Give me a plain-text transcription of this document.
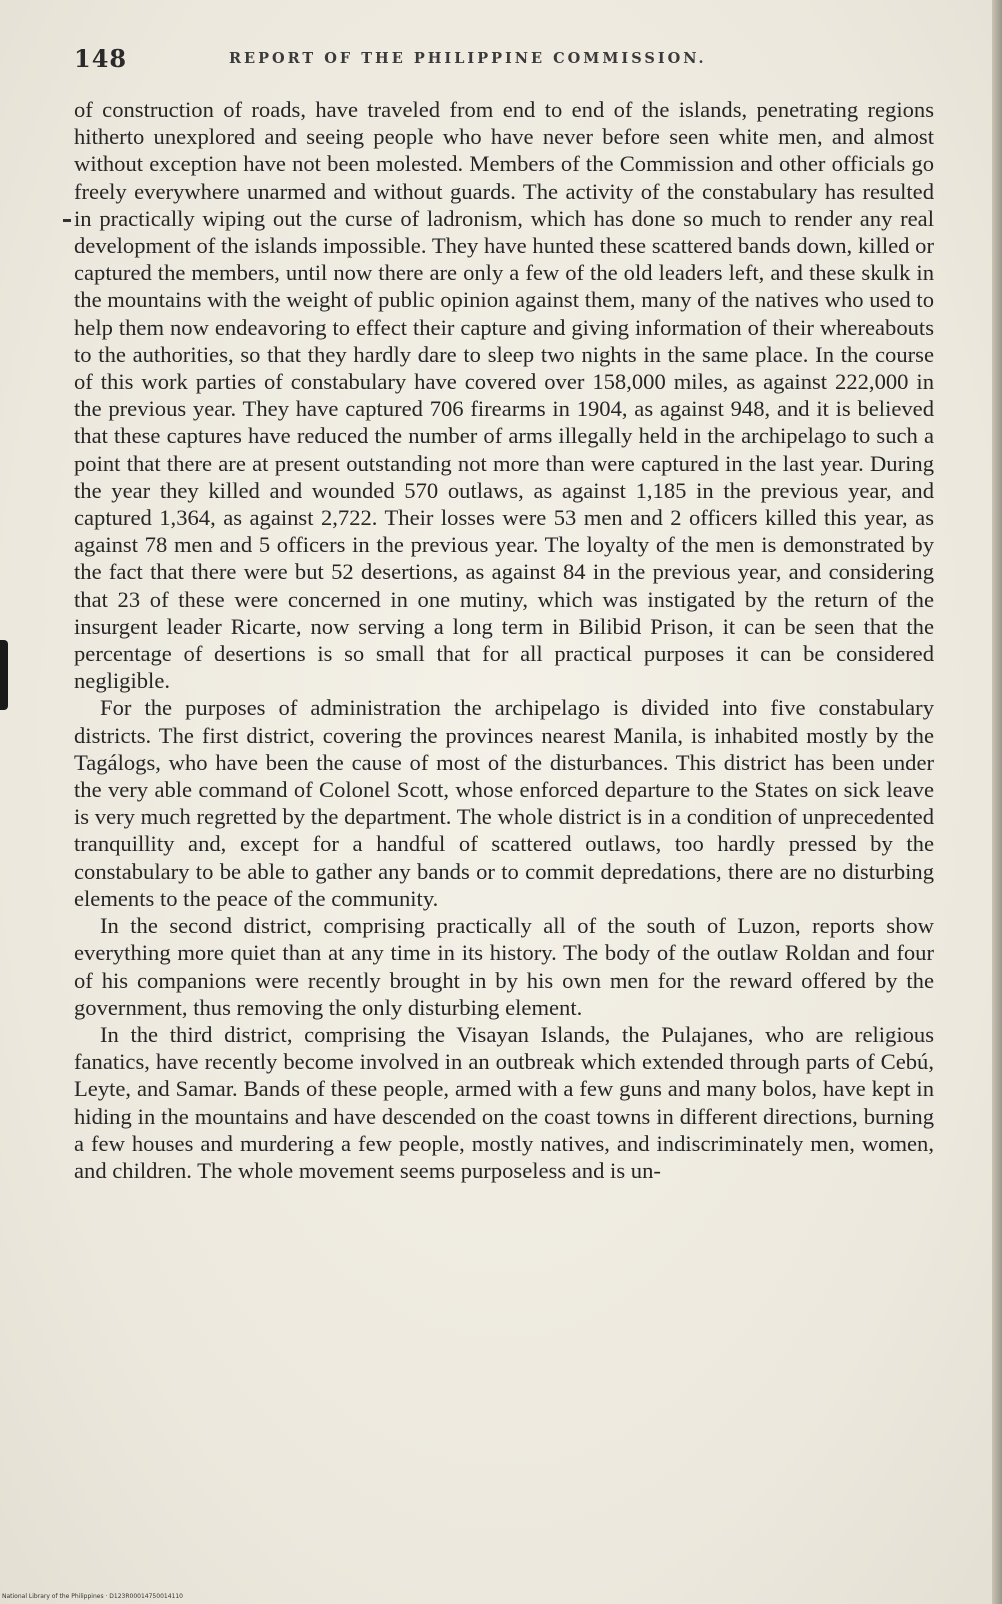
148	REPORT OF THE PHILIPPINE COMMISSION.

of construction of roads, have traveled from end to end of the islands, penetrating regions hitherto unexplored and seeing people who have never before seen white men, and almost without exception have not been molested. Members of the Commission and other officials go freely everywhere unarmed and without guards. The activity of the constabulary has resulted in practically wiping out the curse of ladronism, which has done so much to render any real development of the islands impossible. They have hunted these scattered bands down, killed or captured the members, until now there are only a few of the old leaders left, and these skulk in the mountains with the weight of public opinion against them, many of the natives who used to help them now endeavoring to effect their capture and giving information of their whereabouts to the authorities, so that they hardly dare to sleep two nights in the same place. In the course of this work parties of constabulary have covered over 158,000 miles, as against 222,000 in the previous year. They have captured 706 firearms in 1904, as against 948, and it is believed that these captures have reduced the number of arms illegally held in the archipelago to such a point that there are at present outstanding not more than were captured in the last year. During the year they killed and wounded 570 outlaws, as against 1,185 in the previous year, and captured 1,364, as against 2,722. Their losses were 53 men and 2 officers killed this year, as against 78 men and 5 officers in the previous year. The loyalty of the men is demonstrated by the fact that there were but 52 desertions, as against 84 in the previous year, and considering that 23 of these were concerned in one mutiny, which was instigated by the return of the insurgent leader Ricarte, now serving a long term in Bilibid Prison, it can be seen that the percentage of desertions is so small that for all practical purposes it can be considered negligible.

For the purposes of administration the archipelago is divided into five constabulary districts. The first district, covering the provinces nearest Manila, is inhabited mostly by the Tagálogs, who have been the cause of most of the disturbances. This district has been under the very able command of Colonel Scott, whose enforced departure to the States on sick leave is very much regretted by the department. The whole district is in a condition of unprecedented tranquillity and, except for a handful of scattered outlaws, too hardly pressed by the constabulary to be able to gather any bands or to commit depredations, there are no disturbing elements to the peace of the community.

In the second district, comprising practically all of the south of Luzon, reports show everything more quiet than at any time in its history. The body of the outlaw Roldan and four of his companions were recently brought in by his own men for the reward offered by the government, thus removing the only disturbing element.

In the third district, comprising the Visayan Islands, the Pulajanes, who are religious fanatics, have recently become involved in an outbreak which extended through parts of Cebú, Leyte, and Samar. Bands of these people, armed with a few guns and many bolos, have kept in hiding in the mountains and have descended on the coast towns in different directions, burning a few houses and murdering a few people, mostly natives, and indiscriminately men, women, and children. The whole movement seems purposeless and is un-

National Library of the Philippines · D123R00014750014110
